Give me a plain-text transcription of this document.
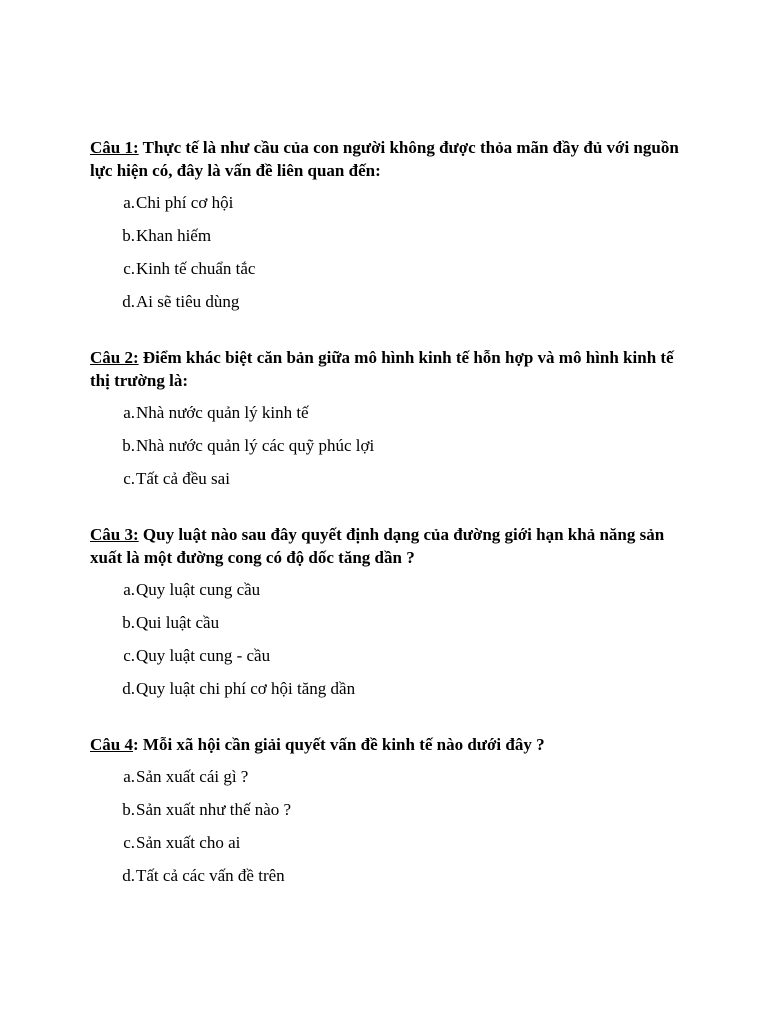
Câu 1: Thực tế là như cầu của con người không được thỏa mãn đầy đủ với nguồn lực hiện có, đây là vấn đề liên quan đến:

a. Chi phí cơ hội
b. Khan hiếm
c. Kinh tế chuẩn tắc
d. Ai sẽ tiêu dùng

Câu 2: Điểm khác biệt căn bản giữa mô hình kinh tế hỗn hợp và mô hình kinh tế thị trường là:

a. Nhà nước quản lý kinh tế
b. Nhà nước quản lý các quỹ phúc lợi
c. Tất cả đều sai

Câu 3: Quy luật nào sau đây quyết định dạng của đường giới hạn khả năng sản xuất là một đường cong có độ dốc tăng dần ?

a. Quy luật cung cầu
b. Qui luật cầu
c. Quy luật cung - cầu
d. Quy luật chi phí cơ hội tăng dần

Câu 4: Mỗi xã hội cần giải quyết vấn đề kinh tế nào dưới đây ?

a. Sản xuất cái gì ?
b. Sản xuất như thế nào ?
c. Sản xuất cho ai
d. Tất cả các vấn đề trên
